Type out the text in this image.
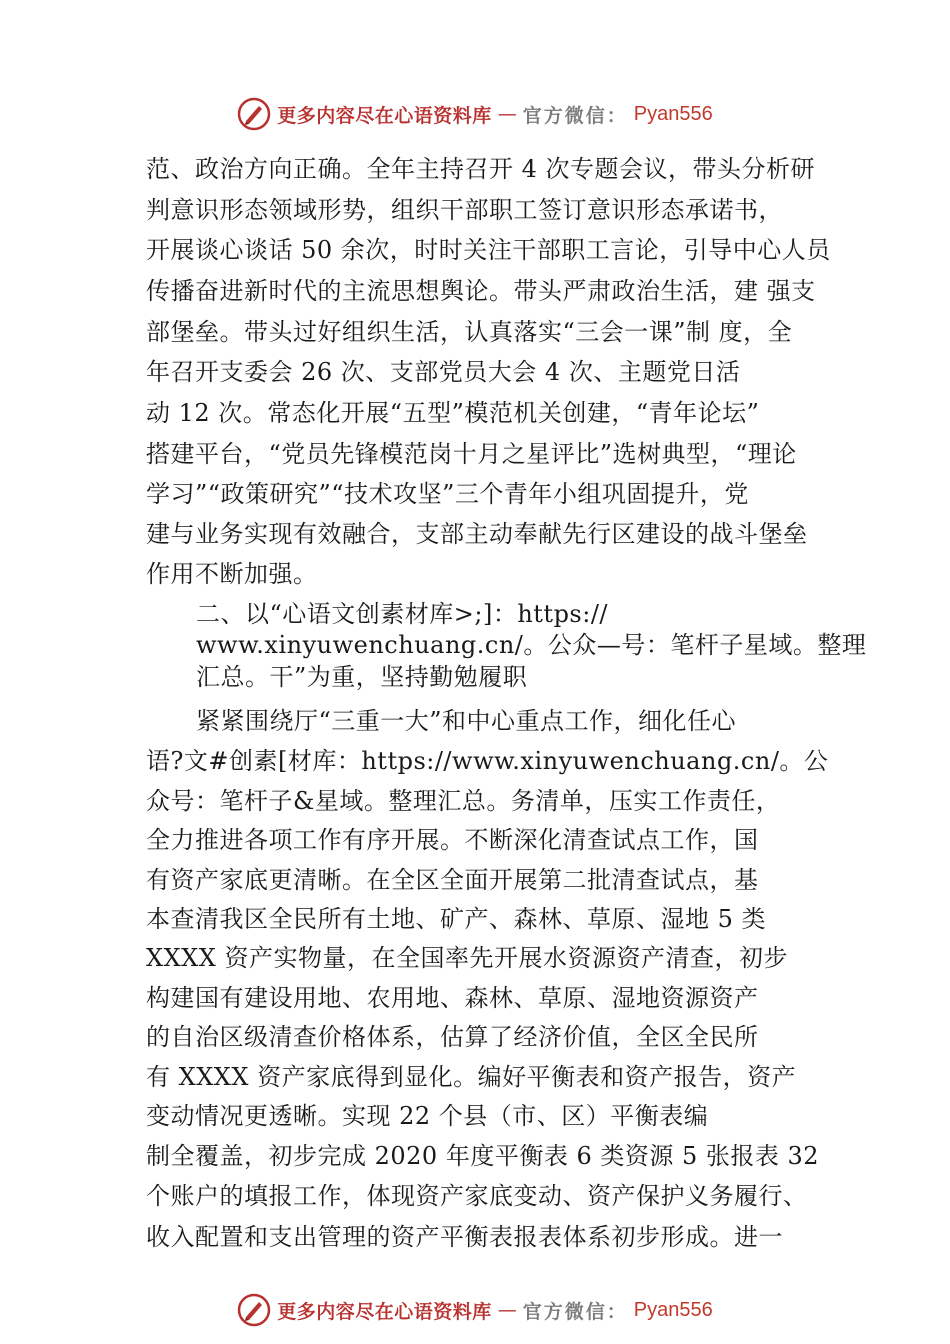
更多内容尽在心语资料库 — 官方微信： Pyan556
范、政治方向正确。全年主持召开 4 次专题会议，带头分析研
判意识形态领域形势，组织干部职工签订意识形态承诺书，
开展谈心谈话 50 余次，时时关注干部职工言论，引导中心人员
传播奋进新时代的主流思想舆论。带头严肃政治生活，建 强支
部堡垒。带头过好组织生活，认真落实“三会一课”制 度，全
年召开支委会 26 次、支部党员大会 4 次、主题党日活
动 12 次。常态化开展“五型”模范机关创建，“青年论坛”
搭建平台，“党员先锋模范岗十月之星评比”选树典型，“理论
学习”“政策研究”“技术攻坚”三个青年小组巩固提升，党
建与业务实现有效融合，支部主动奉献先行区建设的战斗堡垒
作用不断加强。
二、以“心语文创素材库>;]：https://
www.xinyuwenchuang.cn/。公众—号：笔杆子星域。整理
汇总。干”为重，坚持勤勉履职
紧紧围绕厅“三重一大”和中心重点工作，细化任心
语?文#创素[材库：https://www.xinyuwenchuang.cn/。公
众号：笔杆子&星域。整理汇总。务清单，压实工作责任，
全力推进各项工作有序开展。不断深化清查试点工作，国
有资产家底更清晰。在全区全面开展第二批清查试点，基
本查清我区全民所有土地、矿产、森林、草原、湿地 5 类
XXXX 资产实物量，在全国率先开展水资源资产清查，初步
构建国有建设用地、农用地、森林、草原、湿地资源资产
的自治区级清查价格体系，估算了经济价值，全区全民所
有 XXXX 资产家底得到显化。编好平衡表和资产报告，资产
变动情况更透晰。实现 22 个县（市、区）平衡表编
制全覆盖，初步完成 2020 年度平衡表 6 类资源 5 张报表 32
个账户的填报工作，体现资产家底变动、资产保护义务履行、
收入配置和支出管理的资产平衡表报表体系初步形成。进一
更多内容尽在心语资料库 — 官方微信： Pyan556
